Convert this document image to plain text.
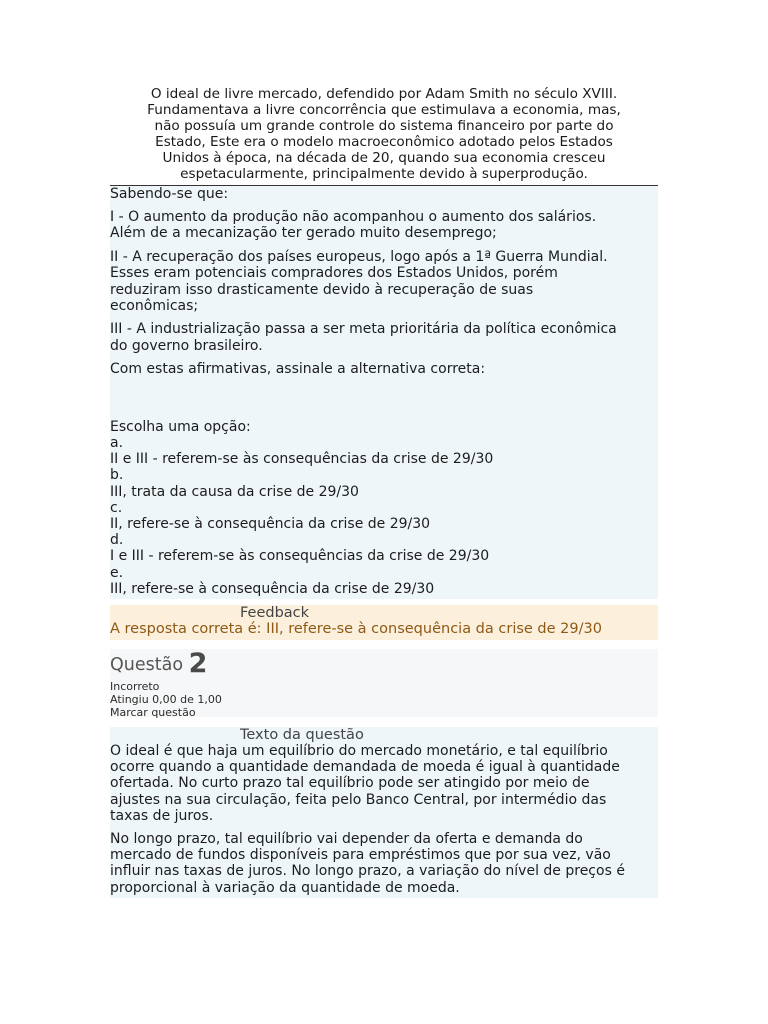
O ideal de livre mercado, defendido por Adam Smith no século XVIII.
Fundamentava a livre concorrência que estimulava a economia, mas,
não possuía um grande controle do sistema financeiro por parte do
Estado, Este era o modelo macroeconômico adotado pelos Estados
Unidos à época, na década de 20, quando sua economia cresceu
espetacularmente, principalmente devido à superprodução.

Sabendo-se que:

I - O aumento da produção não acompanhou o aumento dos salários.

Além de a mecanização ter gerado muito desemprego;

II - A recuperação dos países europeus, logo após a 1ª Guerra Mundial.

Esses eram potenciais compradores dos Estados Unidos, porém

reduziram isso drasticamente devido à recuperação de suas

econômicas;

III - A industrialização passa a ser meta prioritária da política econômica

do governo brasileiro.

Com estas afirmativas, assinale a alternativa correta:

Escolha uma opção:

a.
II e III - referem-se às consequências da crise de 29/30
b.
III, trata da causa da crise de 29/30
c.
II, refere-se à consequência da crise de 29/30
d.
I e III - referem-se às consequências da crise de 29/30
e.
III, refere-se à consequência da crise de 29/30
Feedback
A resposta correta é: III, refere-se à consequência da crise de 29/30
Questão 2
Incorreto
Atingiu 0,00 de 1,00
Marcar questão
Texto da questão

O ideal é que haja um equilíbrio do mercado monetário, e tal equilíbrio

ocorre quando a quantidade demandada de moeda é igual à quantidade

ofertada. No curto prazo tal equilíbrio pode ser atingido por meio de

ajustes na sua circulação, feita pelo Banco Central, por intermédio das

taxas de juros.

No longo prazo, tal equilíbrio vai depender da oferta e demanda do

mercado de fundos disponíveis para empréstimos que por sua vez, vão

influir nas taxas de juros. No longo prazo, a variação do nível de preços é

proporcional à variação da quantidade de moeda.
